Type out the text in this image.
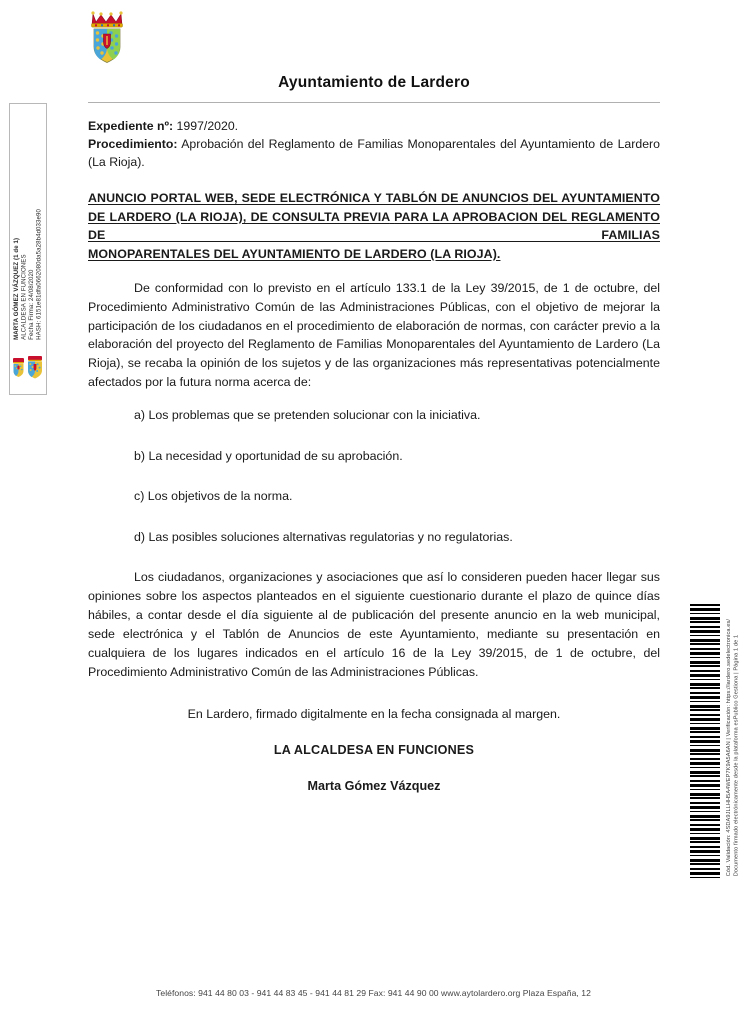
MARTA GÓMEZ VÁZQUEZ (1 de 1) ALCALDESA EN FUNCIONES Fecha Firma: 24/08/2020 HASH: 6151e81dfa0662080da5a28b4d033e90
Cód. Validación: 4SDA9JLLHH5A4WEP7K9A5A6AN | Verificación: https://lardero.sedelectronica.es/ Documento firmado electrónicamente desde la plataforma esPublico Gestiona | Página 1 de 1
Ayuntamiento de Lardero
Expediente nº: 1997/2020.
Procedimiento: Aprobación del Reglamento de Familias Monoparentales del Ayuntamiento de Lardero (La Rioja).
ANUNCIO PORTAL WEB, SEDE ELECTRÓNICA Y TABLÓN DE ANUNCIOS DEL AYUNTAMIENTO DE LARDERO (LA RIOJA), DE CONSULTA PREVIA PARA LA APROBACION DEL REGLAMENTO DE FAMILIAS
MONOPARENTALES DEL AYUNTAMIENTO DE LARDERO (LA RIOJA).

De conformidad con lo previsto en el artículo 133.1 de la Ley 39/2015, de 1 de octubre, del Procedimiento Administrativo Común de las Administraciones Públicas, con el objetivo de mejorar la participación de los ciudadanos en el procedimiento de elaboración de normas, con carácter previo a la elaboración del proyecto del Reglamento de Familias Monoparentales del Ayuntamiento de Lardero (La Rioja), se recaba la opinión de los sujetos y de las organizaciones más representativas potencialmente afectados por la futura norma acerca de:

a) Los problemas que se pretenden solucionar con la iniciativa.
b) La necesidad y oportunidad de su aprobación.
c) Los objetivos de la norma.
d) Las posibles soluciones alternativas regulatorias y no regulatorias.

Los ciudadanos, organizaciones y asociaciones que así lo consideren pueden hacer llegar sus opiniones sobre los aspectos planteados en el siguiente cuestionario durante el plazo de quince días hábiles, a contar desde el día siguiente al de publicación del presente anuncio en la web municipal, sede electrónica y el Tablón de Anuncios de este Ayuntamiento, mediante su presentación en cualquiera de los lugares indicados en el artículo 16 de la Ley 39/2015, de 1 de octubre, del Procedimiento Administrativo Común de las Administraciones Públicas.

En Lardero, firmado digitalmente en la fecha consignada al margen.
LA ALCALDESA EN FUNCIONES
Marta Gómez Vázquez
Teléfonos: 941 44 80 03 - 941 44 83 45 - 941 44 81 29 Fax: 941 44 90 00 www.aytolardero.org Plaza España, 12
